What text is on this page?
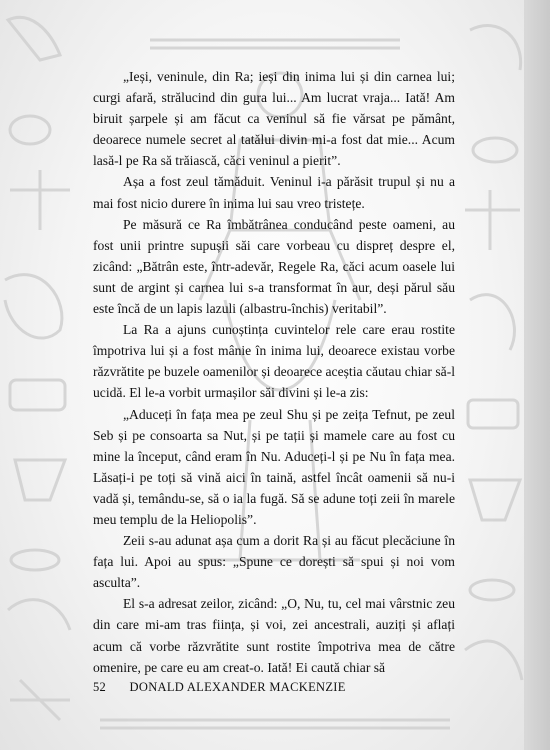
„Ieși, veninule, din Ra; ieși din inima lui și din carnea lui; curgi afară, strălucind din gura lui... Am lucrat vraja... Iată! Am biruit șarpele și am făcut ca veninul să fie vărsat pe pământ, deoarece numele secret al tatălui divin mi-a fost dat mie... Acum lasă-l pe Ra să trăiască, căci veninul a pierit”.

Așa a fost zeul tămăduit. Veninul i-a părăsit trupul și nu a mai fost nicio durere în inima lui sau vreo tristețe.

Pe măsură ce Ra îmbătrânea conducând peste oameni, au fost unii printre supușii săi care vorbeau cu dispreț despre el, zicând: „Bătrân este, într-adevăr, Regele Ra, căci acum oasele lui sunt de argint și carnea lui s-a transformat în aur, deși părul său este încă de un lapis lazuli (albastru-închis) veritabil”.

La Ra a ajuns cunoștința cuvintelor rele care erau rostite împotriva lui și a fost mânie în inima lui, deoarece existau vorbe răzvrătite pe buzele oamenilor și deoarece aceștia căutau chiar să-l ucidă. El le-a vorbit urmașilor săi divini și le-a zis:

„Aduceți în fața mea pe zeul Shu și pe zeița Tefnut, pe zeul Seb și pe consoarta sa Nut, și pe tații și mamele care au fost cu mine la început, când eram în Nu. Aduceți-l și pe Nu în fața mea. Lăsați-i pe toți să vină aici în taină, astfel încât oamenii să nu-i vadă și, temându-se, să o ia la fugă. Să se adune toți zeii în marele meu templu de la Heliopolis”.

Zeii s-au adunat așa cum a dorit Ra și au făcut plecăciune în fața lui. Apoi au spus: „Spune ce dorești să spui și noi vom asculta”.

El s-a adresat zeilor, zicând: „O, Nu, tu, cel mai vârstnic zeu din care mi-am tras ființa, și voi, zei ancestrali, auziți și aflați acum că vorbe răzvrătite sunt rostite împotriva mea de către omenire, pe care eu am creat-o. Iată! Ei caută chiar să

52 DONALD ALEXANDER MACKENZIE
